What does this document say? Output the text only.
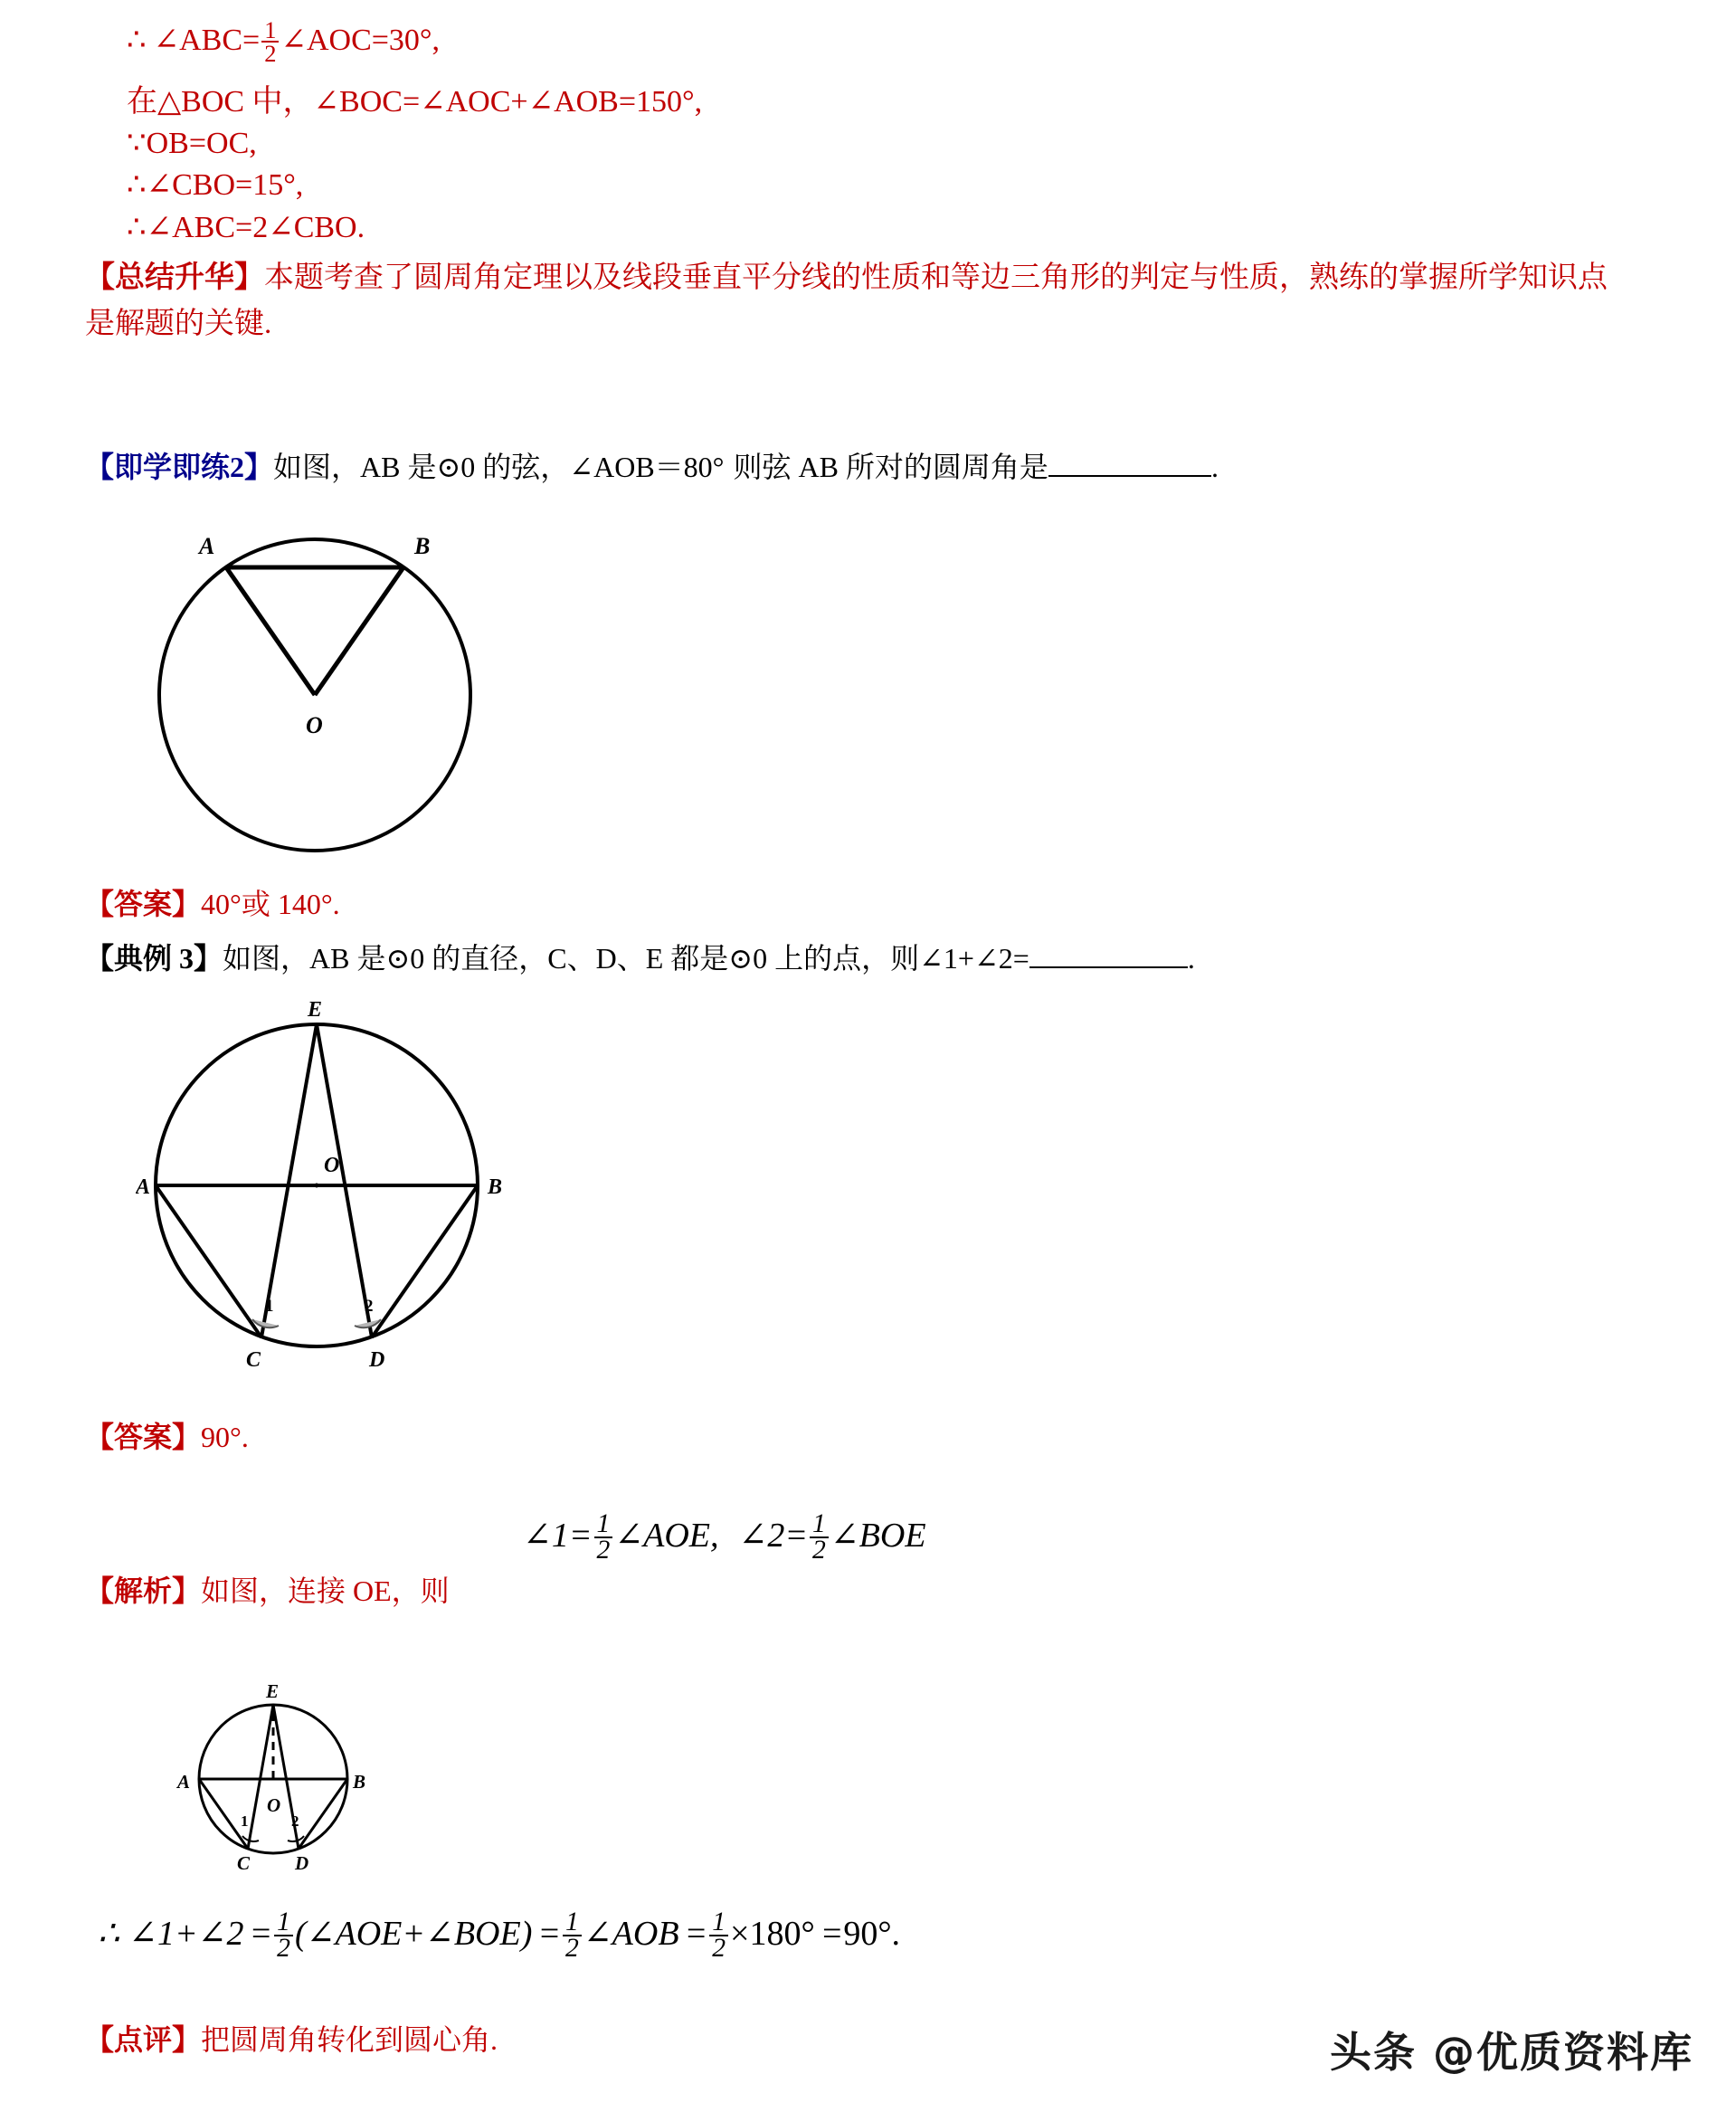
∴ ∠ABC= $\frac{1}{2}$ ∠AOC=30°,
在△BOC 中，∠BOC=∠AOC+∠AOB=150°,
∵OB=OC,
∴∠CBO=15°,
∴∠ABC=2∠CBO.
【总结升华】本题考查了圆周角定理以及线段垂直平分线的性质和等边三角形的判定与性质，熟练的掌握所学知识点是解题的关键.
【即学即练2】如图，AB 是⊙0 的弦，∠AOB＝80° 则弦 AB 所对的圆周角是	.
A	B
O
【答案】40°或 140°.
【典例 3】如图，AB 是⊙0 的直径，C、D、E 都是⊙0 上的点，则∠1+∠2=	.
A	B
E
C	D
O
1	2
【答案】90°.
∠1= $\frac{1}{2}$ ∠AOE, ∠2= $\frac{1}{2}$ ∠BOE
【解析】如图，连接 OE，则
A	B
E
C D
O
1	2
∴ ∠1+∠2 = $\frac{1}{2}$ (∠AOE+∠BOE) = $\frac{1}{2}$ ∠AOB = $\frac{1}{2} \times 180^\circ =90^\circ$.
【点评】把圆周角转化到圆心角.	头条 @优质资料库
